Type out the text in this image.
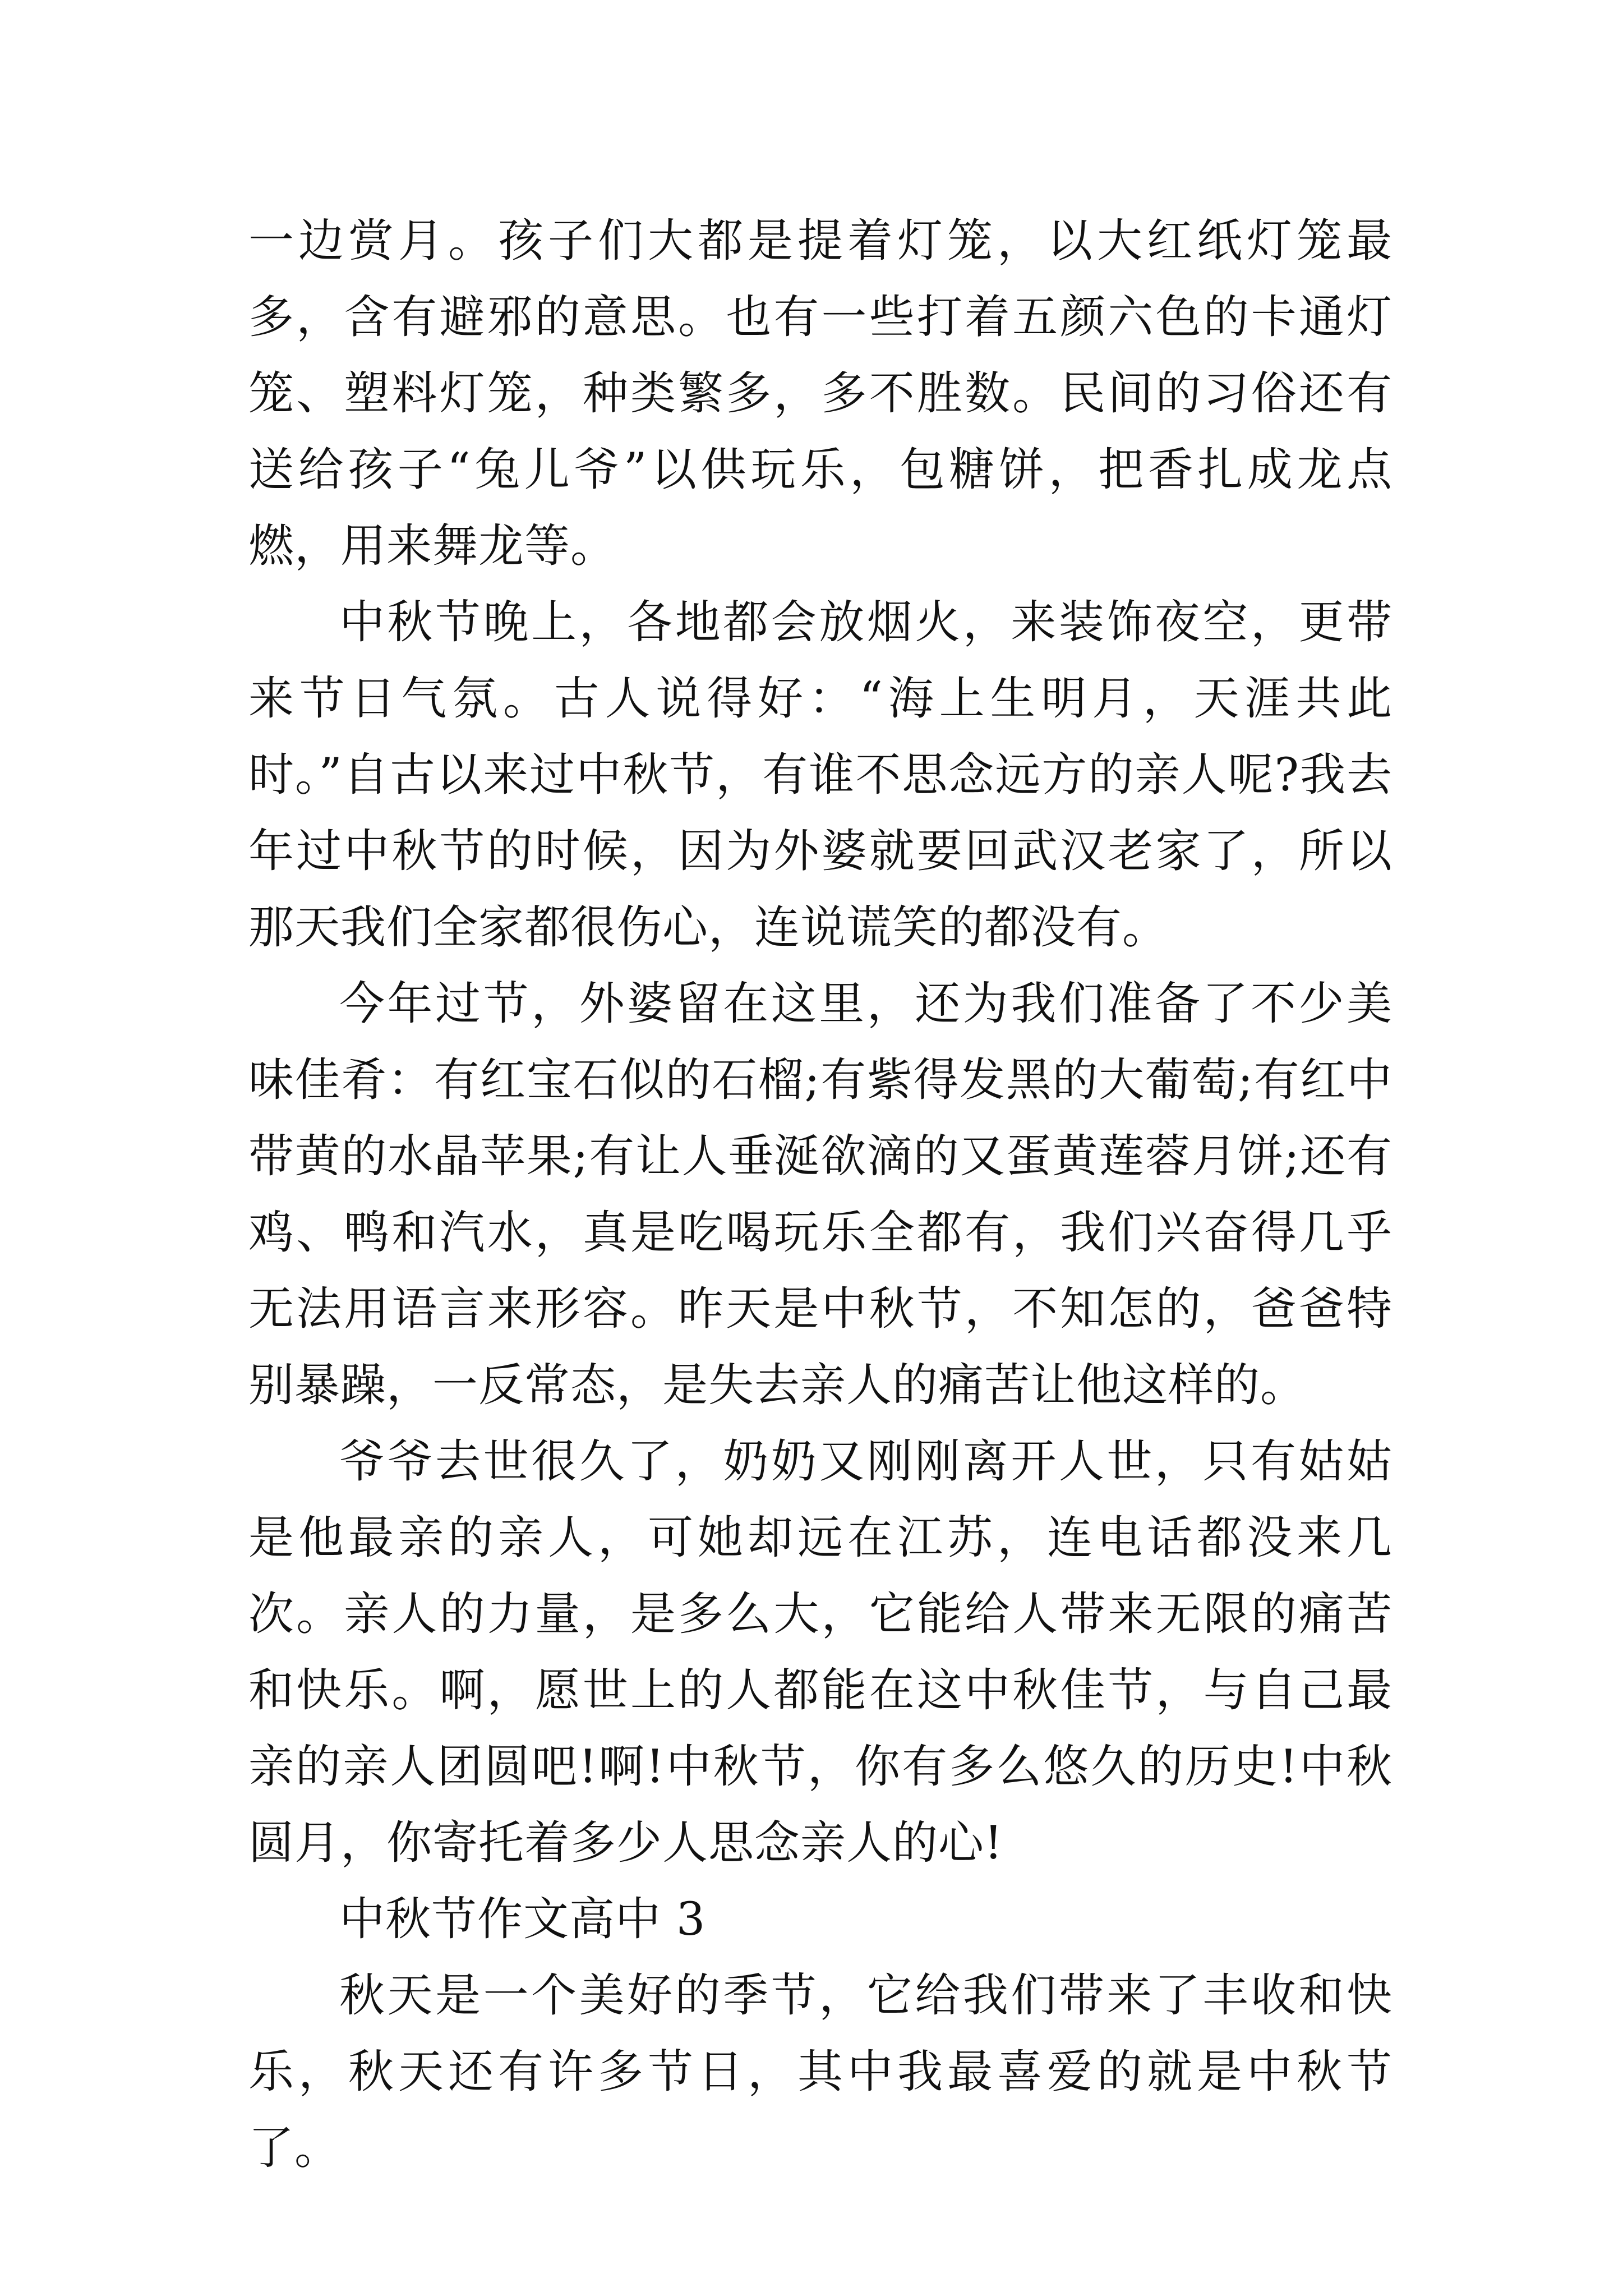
一边赏月。孩子们大都是提着灯笼，以大红纸灯笼最多，含有避邪的意思。也有一些打着五颜六色的卡通灯笼、塑料灯笼，种类繁多，多不胜数。民间的习俗还有送给孩子“兔儿爷”以供玩乐，包糖饼，把香扎成龙点燃，用来舞龙等。

中秋节晚上，各地都会放烟火，来装饰夜空，更带来节日气氛。古人说得好：“海上生明月，天涯共此时。”自古以来过中秋节，有谁不思念远方的亲人呢?我去年过中秋节的时候，因为外婆就要回武汉老家了，所以那天我们全家都很伤心，连说谎笑的都没有。

今年过节，外婆留在这里，还为我们准备了不少美味佳肴：有红宝石似的石榴;有紫得发黑的大葡萄;有红中带黄的水晶苹果;有让人垂涎欲滴的又蛋黄莲蓉月饼;还有鸡、鸭和汽水，真是吃喝玩乐全都有，我们兴奋得几乎无法用语言来形容。昨天是中秋节，不知怎的，爸爸特别暴躁，一反常态，是失去亲人的痛苦让他这样的。

爷爷去世很久了，奶奶又刚刚离开人世，只有姑姑是他最亲的亲人，可她却远在江苏，连电话都没来几次。亲人的力量，是多么大，它能给人带来无限的痛苦和快乐。啊，愿世上的人都能在这中秋佳节，与自己最亲的亲人团圆吧!啊!中秋节，你有多么悠久的历史!中秋圆月，你寄托着多少人思念亲人的心!

中秋节作文高中 3

秋天是一个美好的季节，它给我们带来了丰收和快乐，秋天还有许多节日，其中我最喜爱的就是中秋节了。
